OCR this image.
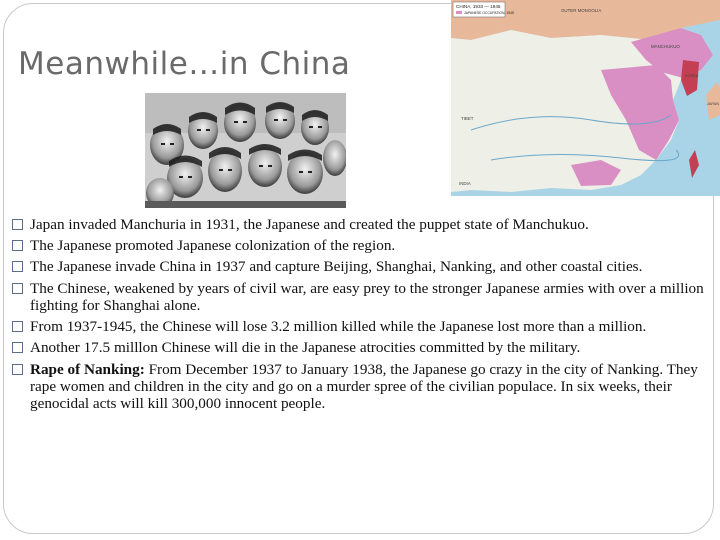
Meanwhile…in China
CHINA, 1933 — 1945
JAPANESE OCCUPATION, 1945	OUTER MONGOLIA
MANCHUKUO
TIBET
INDIA
KOREA
JAPAN
Japan invaded Manchuria in 1931, the Japanese and created the puppet state of Manchukuo.
The Japanese promoted Japanese colonization of the region.
The Japanese invade China in 1937 and capture Beijing, Shanghai, Nanking, and other coastal cities.
The Chinese, weakened by years of civil war, are easy prey to the stronger Japanese armies with over a million fighting for Shanghai alone.
From 1937-1945, the Chinese will lose 3.2 million killed while the Japanese lost more than a million.
Another 17.5 milllon Chinese will die in the Japanese atrocities committed by the military.
Rape of Nanking: From December 1937 to January 1938, the Japanese go crazy in the city of Nanking. They rape women and children in the city and go on a murder spree of the civilian populace. In six weeks, their genocidal acts will kill 300,000 innocent people.
